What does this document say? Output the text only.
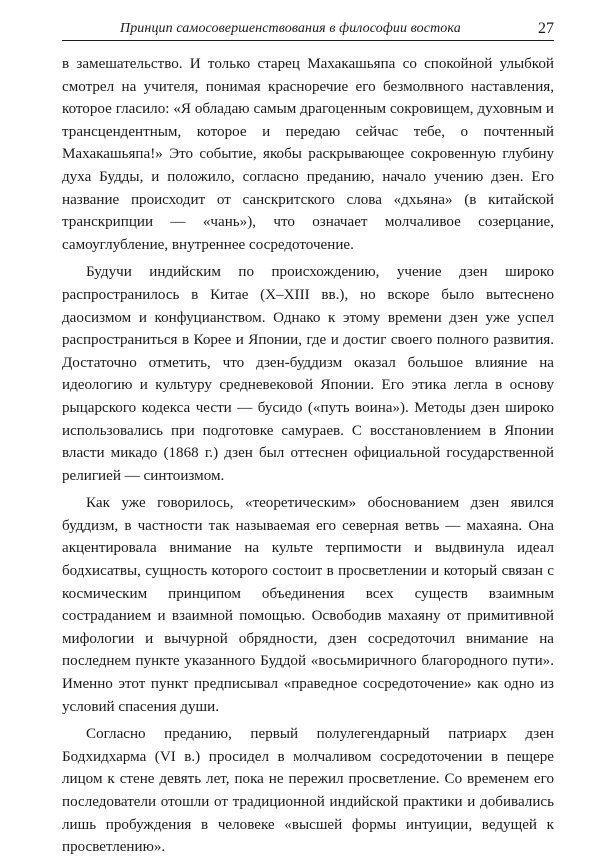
Принцип самосовершенствования в философии востока	27

в замешательство. И только старец Махакашьяпа со спокойной улыбкой смотрел на учителя, понимая красноречие его безмолвного наставления, которое гласило: «Я обладаю самым драгоценным сокровищем, духовным и трансцендентным, которое и передаю сейчас тебе, о почтенный Махакашьяпа!» Это событие, якобы раскрывающее сокровенную глубину духа Будды, и положило, согласно преданию, начало учению дзен. Его название происходит от санскритского слова «дхьяна» (в китайской транскрипции — «чань»), что означает молчаливое созерцание, самоуглубление, внутреннее сосредоточение.

Будучи индийским по происхождению, учение дзен широко распространилось в Китае (X–XIII вв.), но вскоре было вытеснено даосизмом и конфуцианством. Однако к этому времени дзен уже успел распространиться в Корее и Японии, где и достиг своего полного развития. Достаточно отметить, что дзен-буддизм оказал большое влияние на идеологию и культуру средневековой Японии. Его этика легла в основу рыцарского кодекса чести — бусидо («путь воина»). Методы дзен широко использовались при подготовке самураев. С восстановлением в Японии власти микадо (1868 г.) дзен был оттеснен официальной государственной религией — синтоизмом.

Как уже говорилось, «теоретическим» обоснованием дзен явился буддизм, в частности так называемая его северная ветвь — махаяна. Она акцентировала внимание на культе терпимости и выдвинула идеал бодхисатвы, сущность которого состоит в просветлении и который связан с космическим принципом объединения всех существ взаимным состраданием и взаимной помощью. Освободив махаяну от примитивной мифологии и вычурной обрядности, дзен сосредоточил внимание на последнем пункте указанного Буддой «восьмиричного благородного пути». Именно этот пункт предписывал «праведное сосредоточение» как одно из условий спасения души.

Согласно преданию, первый полулегендарный патриарх дзен Бодхидхарма (VI в.) просидел в молчаливом сосредоточении в пещере лицом к стене девять лет, пока не пережил просветление. Со временем его последователи отошли от традиционной индийской практики и добивались лишь пробуждения в человеке «высшей формы интуиции, ведущей к просветлению».
